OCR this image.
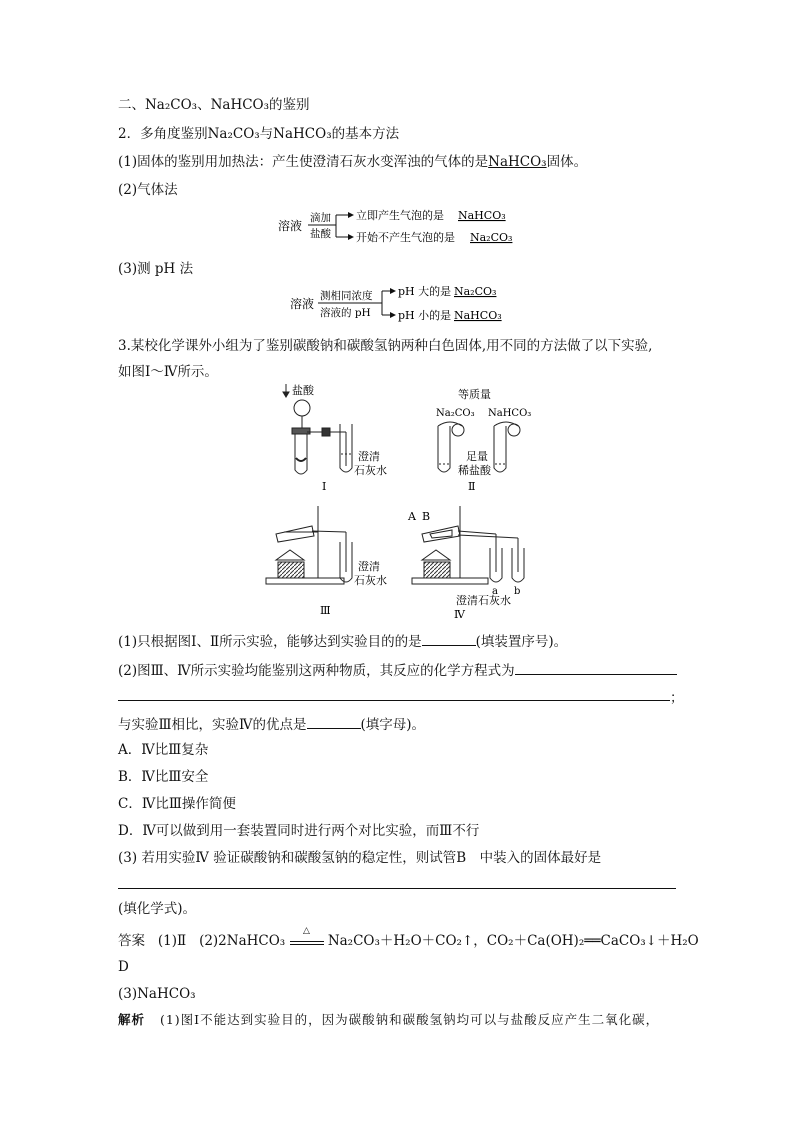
二、Na₂CO₃、NaHCO₃的鉴别
2．多角度鉴别Na₂CO₃与NaHCO₃的基本方法
(1)固体的鉴别用加热法：产生使澄清石灰水变浑浊的气体的是NaHCO₃固体。
(2)气体法
溶液
滴加
盐酸
立即产生气泡的是 NaHCO₃
开始不产生气泡的是 Na₂CO₃
(3)测 pH 法
溶液
测相同浓度
溶液的 pH
pH 大的是 Na₂CO₃
pH 小的是 NaHCO₃
3.某校化学课外小组为了鉴别碳酸钠和碳酸氢钠两种白色固体,用不同的方法做了以下实验,
如图Ⅰ～Ⅳ所示。
盐酸
澄清
石灰水
Ⅰ
等质量
Na₂CO₃ NaHCO₃
足量
稀盐酸
Ⅱ
澄清
石灰水
Ⅲ
A B
a b
澄清石灰水
Ⅳ
(1)只根据图Ⅰ、Ⅱ所示实验，能够达到实验目的的是	(填装置序号)。
(2)图Ⅲ、Ⅳ所示实验均能鉴别这两种物质，其反应的化学方程式为
；
与实验Ⅲ相比，实验Ⅳ的优点是	(填字母)。
A．Ⅳ比Ⅲ复杂
B．Ⅳ比Ⅲ安全
C．Ⅳ比Ⅲ操作简便
D．Ⅳ可以做到用一套装置同时进行两个对比实验，而Ⅲ不行
(3) 若用实验Ⅳ 验证碳酸钠和碳酸氢钠的稳定性，则试管B　中装入的固体最好是
(填化学式)。
答案 (1)Ⅱ (2)2NaHCO₃
△
Na₂CO₃＋H₂O＋CO₂↑，CO₂＋Ca(OH)₂══CaCO₃↓＋H₂O
D
(3)NaHCO₃
解析 (1)图Ⅰ不能达到实验目的，因为碳酸钠和碳酸氢钠均可以与盐酸反应产生二氧化碳，
